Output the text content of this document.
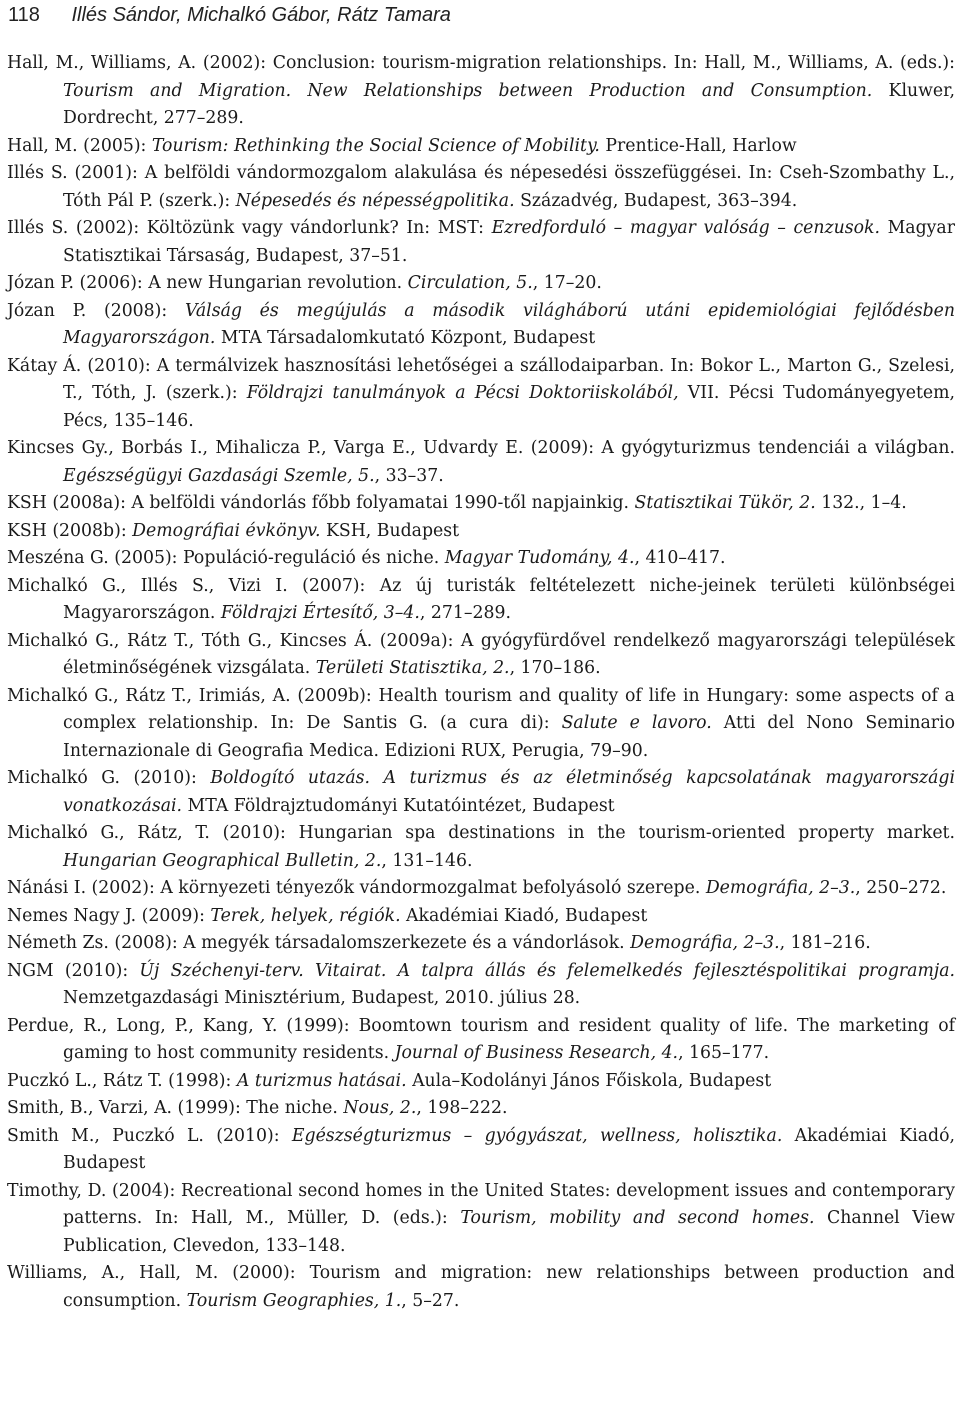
118 Illés Sándor, Michalkó Gábor, Rátz Tamara

Hall, M., Williams, A. (2002): Conclusion: tourism-migration relationships. In: Hall, M., Williams, A. (eds.): Tourism and Migration. New Relationships between Production and Consumption. Kluwer, Dordrecht, 277–289.

Hall, M. (2005): Tourism: Rethinking the Social Science of Mobility. Prentice-Hall, Harlow

Illés S. (2001): A belföldi vándormozgalom alakulása és népesedési összefüggései. In: Cseh-Szombathy L., Tóth Pál P. (szerk.): Népesedés és népességpolitika. Századvég, Budapest, 363–394.

Illés S. (2002): Költözünk vagy vándorlunk? In: MST: Ezredforduló – magyar valóság – cenzusok. Magyar Statisztikai Társaság, Budapest, 37–51.

Józan P. (2006): A new Hungarian revolution. Circulation, 5., 17–20.

Józan P. (2008): Válság és megújulás a második világháború utáni epidemiológiai fejlődésben Magyarországon. MTA Társadalomkutató Központ, Budapest

Kátay Á. (2010): A termálvizek hasznosítási lehetőségei a szállodaiparban. In: Bokor L., Marton G., Szelesi, T., Tóth, J. (szerk.): Földrajzi tanulmányok a Pécsi Doktoriiskolából, VII. Pécsi Tudományegyetem, Pécs, 135–146.

Kincses Gy., Borbás I., Mihalicza P., Varga E., Udvardy E. (2009): A gyógyturizmus tendenciái a világban. Egészségügyi Gazdasági Szemle, 5., 33–37.

KSH (2008a): A belföldi vándorlás főbb folyamatai 1990-től napjainkig. Statisztikai Tükör, 2. 132., 1–4.

KSH (2008b): Demográfiai évkönyv. KSH, Budapest

Meszéna G. (2005): Populáció-reguláció és niche. Magyar Tudomány, 4., 410–417.

Michalkó G., Illés S., Vizi I. (2007): Az új turisták feltételezett niche-jeinek területi különbségei Magyarországon. Földrajzi Értesítő, 3–4., 271–289.

Michalkó G., Rátz T., Tóth G., Kincses Á. (2009a): A gyógyfürdővel rendelkező magyarországi települések életminőségének vizsgálata. Területi Statisztika, 2., 170–186.

Michalkó G., Rátz T., Irimiás, A. (2009b): Health tourism and quality of life in Hungary: some aspects of a complex relationship. In: De Santis G. (a cura di): Salute e lavoro. Atti del Nono Seminario Internazionale di Geografia Medica. Edizioni RUX, Perugia, 79–90.

Michalkó G. (2010): Boldogító utazás. A turizmus és az életminőség kapcsolatának magyarországi vonatkozásai. MTA Földrajztudományi Kutatóintézet, Budapest

Michalkó G., Rátz, T. (2010): Hungarian spa destinations in the tourism-oriented property market. Hungarian Geographical Bulletin, 2., 131–146.

Nánási I. (2002): A környezeti tényezők vándormozgalmat befolyásoló szerepe. Demográfia, 2–3., 250–272.

Nemes Nagy J. (2009): Terek, helyek, régiók. Akadémiai Kiadó, Budapest

Németh Zs. (2008): A megyék társadalomszerkezete és a vándorlások. Demográfia, 2–3., 181–216.

NGM (2010): Új Széchenyi-terv. Vitairat. A talpra állás és felemelkedés fejlesztéspolitikai programja. Nemzetgazdasági Minisztérium, Budapest, 2010. július 28.

Perdue, R., Long, P., Kang, Y. (1999): Boomtown tourism and resident quality of life. The marketing of gaming to host community residents. Journal of Business Research, 4., 165–177.

Puczkó L., Rátz T. (1998): A turizmus hatásai. Aula–Kodolányi János Főiskola, Budapest

Smith, B., Varzi, A. (1999): The niche. Nous, 2., 198–222.

Smith M., Puczkó L. (2010): Egészségturizmus – gyógyászat, wellness, holisztika. Akadémiai Kiadó, Budapest

Timothy, D. (2004): Recreational second homes in the United States: development issues and contemporary patterns. In: Hall, M., Müller, D. (eds.): Tourism, mobility and second homes. Channel View Publication, Clevedon, 133–148.

Williams, A., Hall, M. (2000): Tourism and migration: new relationships between production and consumption. Tourism Geographies, 1., 5–27.
